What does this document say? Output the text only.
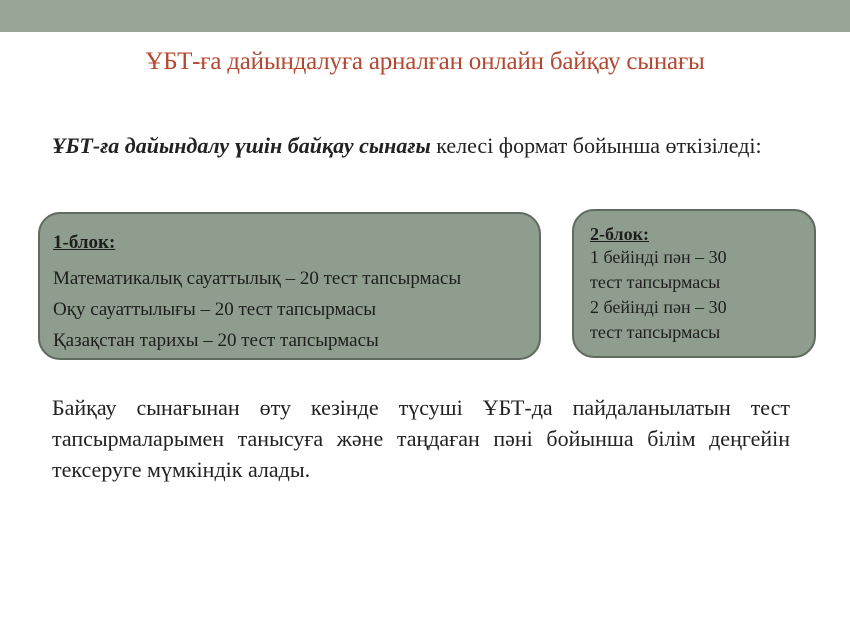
ҰБТ-ға дайындалуға арналған онлайн байқау сынағы
ҰБТ-ға дайындалу үшін байқау сынағы келесі формат бойынша өткізіледі:
1-блок:
Математикалық сауаттылық – 20 тест тапсырмасы
Оқу сауаттылығы – 20 тест тапсырмасы
Қазақстан тарихы – 20 тест тапсырмасы
2-блок:
1 бейінді пән – 30
тест тапсырмасы
2 бейінді пән – 30
тест тапсырмасы
Байқау сынағынан өту кезінде түсуші ҰБТ-да пайдаланылатын тест тапсырмаларымен танысуға және таңдаған пәні бойынша білім деңгейін тексеруге мүмкіндік алады.
